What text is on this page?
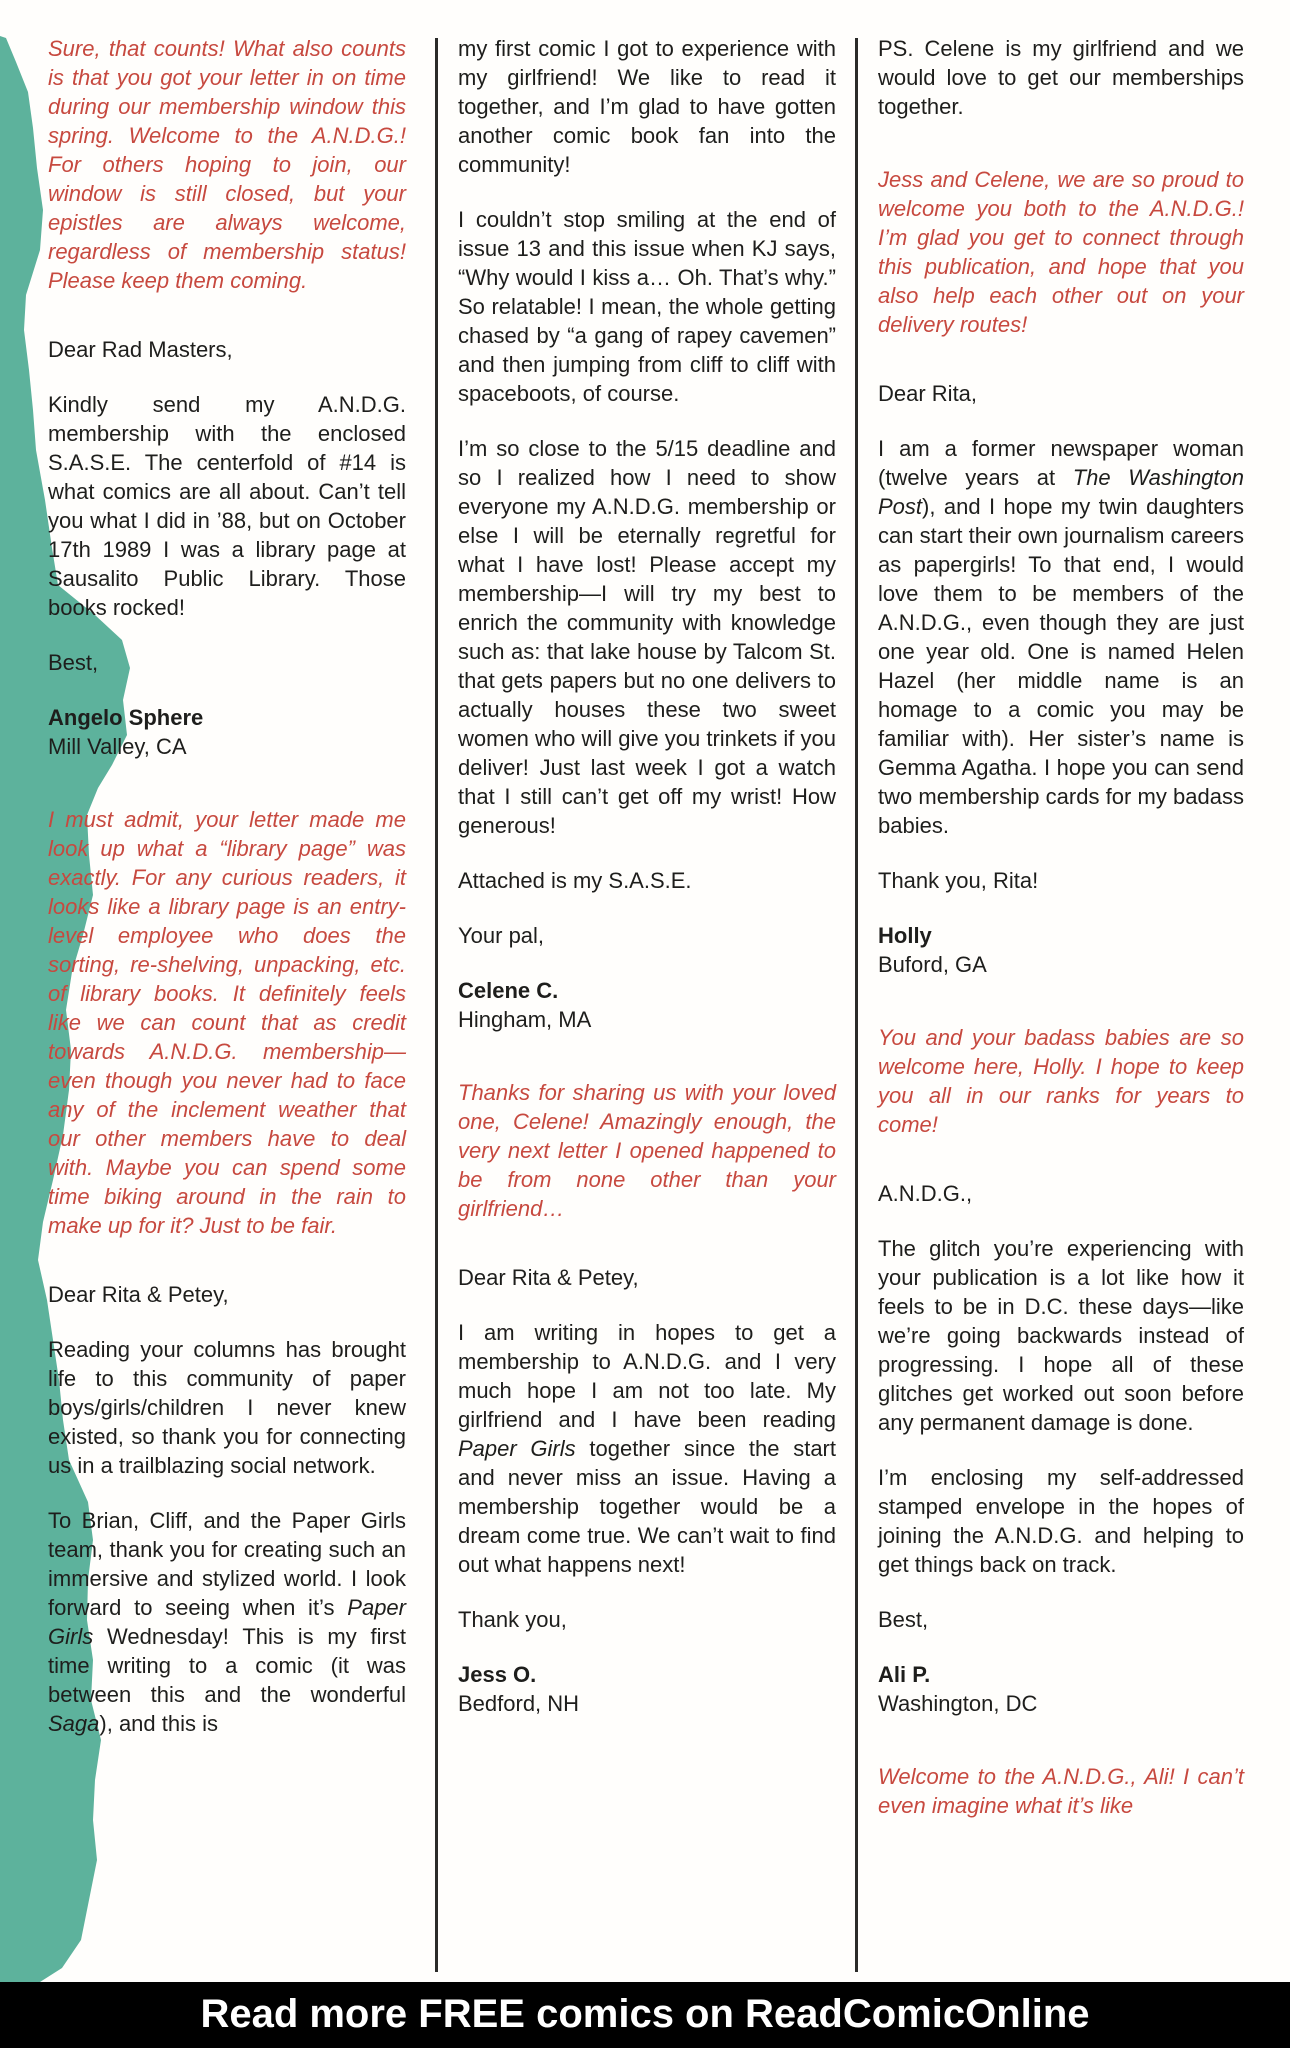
Sure, that counts! What also counts is that you got your letter in on time during our membership window this spring. Welcome to the A.N.D.G.! For others hoping to join, our window is still closed, but your epistles are always welcome, regardless of membership status! Please keep them coming.

Dear Rad Masters,

Kindly send my A.N.D.G. membership with the enclosed S.A.S.E. The centerfold of #14 is what comics are all about. Can’t tell you what I did in ’88, but on October 17th 1989 I was a library page at Sausalito Public Library. Those books rocked!

Best,

Angelo Sphere
Mill Valley, CA

I must admit, your letter made me look up what a “library page” was exactly. For any curious readers, it looks like a library page is an entry-level employee who does the sorting, re-shelving, unpacking, etc. of library books. It definitely feels like we can count that as credit towards A.N.D.G. membership—even though you never had to face any of the inclement weather that our other members have to deal with. Maybe you can spend some time biking around in the rain to make up for it? Just to be fair.

Dear Rita & Petey,

Reading your columns has brought life to this community of paper boys/girls/children I never knew existed, so thank you for connecting us in a trailblazing social network.

To Brian, Cliff, and the Paper Girls team, thank you for creating such an immersive and stylized world. I look forward to seeing when it’s Paper Girls Wednesday! This is my first time writing to a comic (it was between this and the wonderful Saga), and this is

my first comic I got to experience with my girlfriend! We like to read it together, and I’m glad to have gotten another comic book fan into the community!

I couldn’t stop smiling at the end of issue 13 and this issue when KJ says, “Why would I kiss a… Oh. That’s why.” So relatable! I mean, the whole getting chased by “a gang of rapey cavemen” and then jumping from cliff to cliff with spaceboots, of course.

I’m so close to the 5/15 deadline and so I realized how I need to show everyone my A.N.D.G. membership or else I will be eternally regretful for what I have lost! Please accept my membership—I will try my best to enrich the community with knowledge such as: that lake house by Talcom St. that gets papers but no one delivers to actually houses these two sweet women who will give you trinkets if you deliver! Just last week I got a watch that I still can’t get off my wrist! How generous!

Attached is my S.A.S.E.

Your pal,

Celene C.
Hingham, MA

Thanks for sharing us with your loved one, Celene! Amazingly enough, the very next letter I opened happened to be from none other than your girlfriend…

Dear Rita & Petey,

I am writing in hopes to get a membership to A.N.D.G. and I very much hope I am not too late. My girlfriend and I have been reading Paper Girls together since the start and never miss an issue. Having a membership together would be a dream come true. We can’t wait to find out what happens next!

Thank you,

Jess O.
Bedford, NH

PS. Celene is my girlfriend and we would love to get our memberships together.

Jess and Celene, we are so proud to welcome you both to the A.N.D.G.! I’m glad you get to connect through this publication, and hope that you also help each other out on your delivery routes!

Dear Rita,

I am a former newspaper woman (twelve years at The Washington Post), and I hope my twin daughters can start their own journalism careers as papergirls! To that end, I would love them to be members of the A.N.D.G., even though they are just one year old. One is named Helen Hazel (her middle name is an homage to a comic you may be familiar with). Her sister’s name is Gemma Agatha. I hope you can send two membership cards for my badass babies.

Thank you, Rita!

Holly
Buford, GA

You and your badass babies are so welcome here, Holly. I hope to keep you all in our ranks for years to come!

A.N.D.G.,

The glitch you’re experiencing with your publication is a lot like how it feels to be in D.C. these days—like we’re going backwards instead of progressing. I hope all of these glitches get worked out soon before any permanent damage is done.

I’m enclosing my self-addressed stamped envelope in the hopes of joining the A.N.D.G. and helping to get things back on track.

Best,

Ali P.
Washington, DC

Welcome to the A.N.D.G., Ali! I can’t even imagine what it’s like

Read more FREE comics on ReadComicOnline
